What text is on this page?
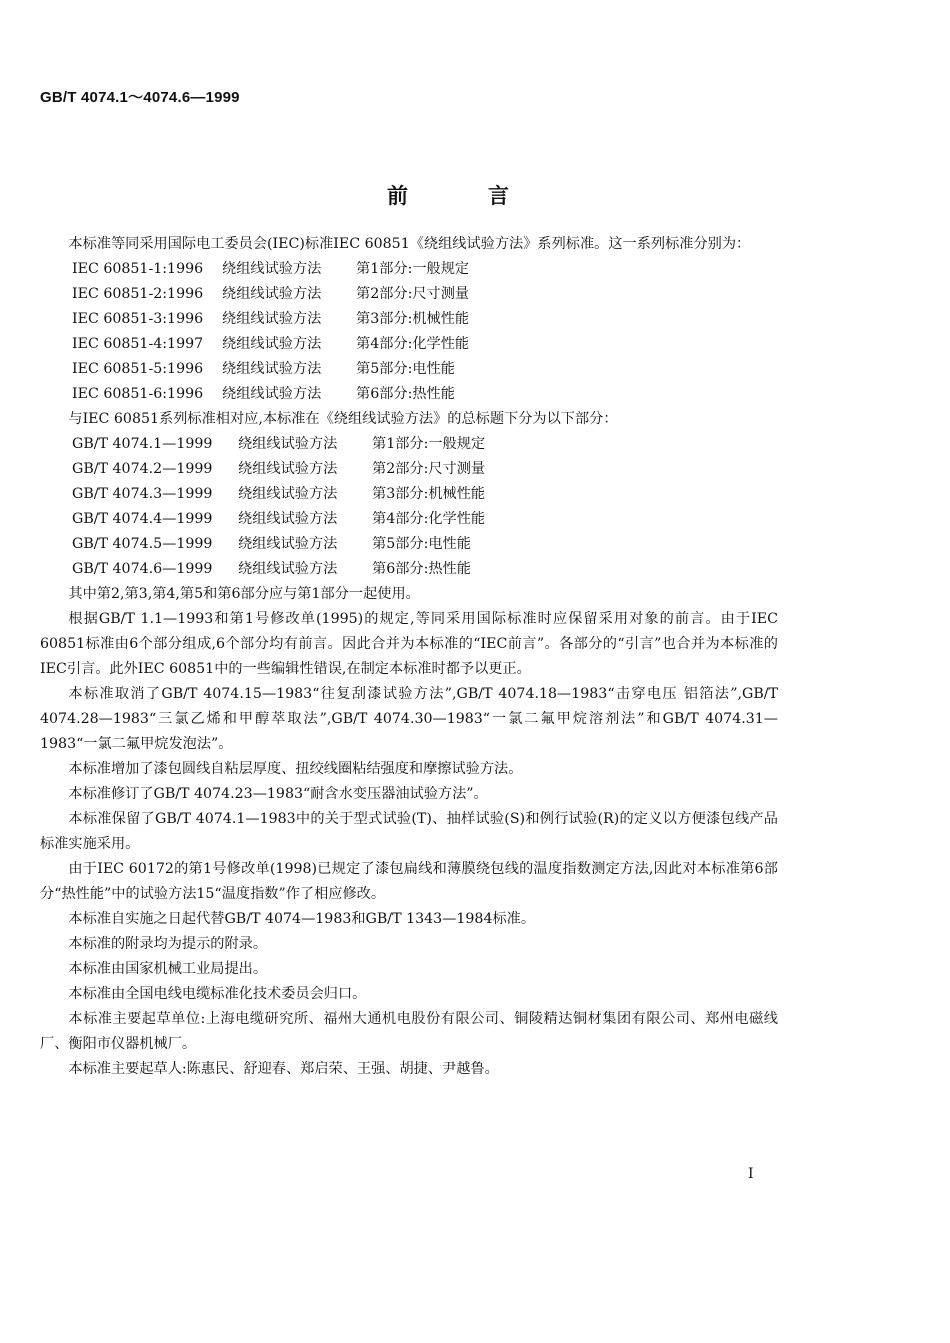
GB/T 4074.1～4074.6—1999
前言

本标准等同采用国际电工委员会(IEC)标准IEC 60851《绕组线试验方法》系列标准。这一系列标准分别为：

IEC 60851-1:1996 绕组线试验方法 第1部分:一般规定
IEC 60851-2:1996 绕组线试验方法 第2部分:尺寸测量
IEC 60851-3:1996 绕组线试验方法 第3部分:机械性能
IEC 60851-4:1997 绕组线试验方法 第4部分:化学性能
IEC 60851-5:1996 绕组线试验方法 第5部分:电性能
IEC 60851-6:1996 绕组线试验方法 第6部分:热性能

与IEC 60851系列标准相对应,本标准在《绕组线试验方法》的总标题下分为以下部分：

GB/T 4074.1—1999 绕组线试验方法 第1部分:一般规定
GB/T 4074.2—1999 绕组线试验方法 第2部分:尺寸测量
GB/T 4074.3—1999 绕组线试验方法 第3部分:机械性能
GB/T 4074.4—1999 绕组线试验方法 第4部分:化学性能
GB/T 4074.5—1999 绕组线试验方法 第5部分:电性能
GB/T 4074.6—1999 绕组线试验方法 第6部分:热性能

其中第2,第3,第4,第5和第6部分应与第1部分一起使用。

根据GB/T 1.1—1993和第1号修改单(1995)的规定,等同采用国际标准时应保留采用对象的前言。由于IEC 60851标准由6个部分组成,6个部分均有前言。因此合并为本标准的“IEC前言”。各部分的“引言”也合并为本标准的IEC引言。此外IEC 60851中的一些编辑性错误,在制定本标准时都予以更正。

本标准取消了GB/T 4074.15—1983“往复刮漆试验方法”,GB/T 4074.18—1983“击穿电压 铝箔法”,GB/T 4074.28—1983“三氯乙烯和甲醇萃取法”,GB/T 4074.30—1983“一氯二氟甲烷溶剂法”和GB/T 4074.31—1983“一氯二氟甲烷发泡法”。

本标准增加了漆包圆线自粘层厚度、扭绞线圈粘结强度和摩擦试验方法。

本标准修订了GB/T 4074.23—1983“耐含水变压器油试验方法”。

本标准保留了GB/T 4074.1—1983中的关于型式试验(T)、抽样试验(S)和例行试验(R)的定义以方便漆包线产品标准实施采用。

由于IEC 60172的第1号修改单(1998)已规定了漆包扁线和薄膜绕包线的温度指数测定方法,因此对本标准第6部分“热性能”中的试验方法15“温度指数”作了相应修改。

本标准自实施之日起代替GB/T 4074—1983和GB/T 1343—1984标准。

本标准的附录均为提示的附录。

本标准由国家机械工业局提出。

本标准由全国电线电缆标准化技术委员会归口。

本标准主要起草单位:上海电缆研究所、福州大通机电股份有限公司、铜陵精达铜材集团有限公司、郑州电磁线厂、衡阳市仪器机械厂。

本标准主要起草人:陈惠民、舒迎春、郑启荣、王强、胡捷、尹越鲁。

I
